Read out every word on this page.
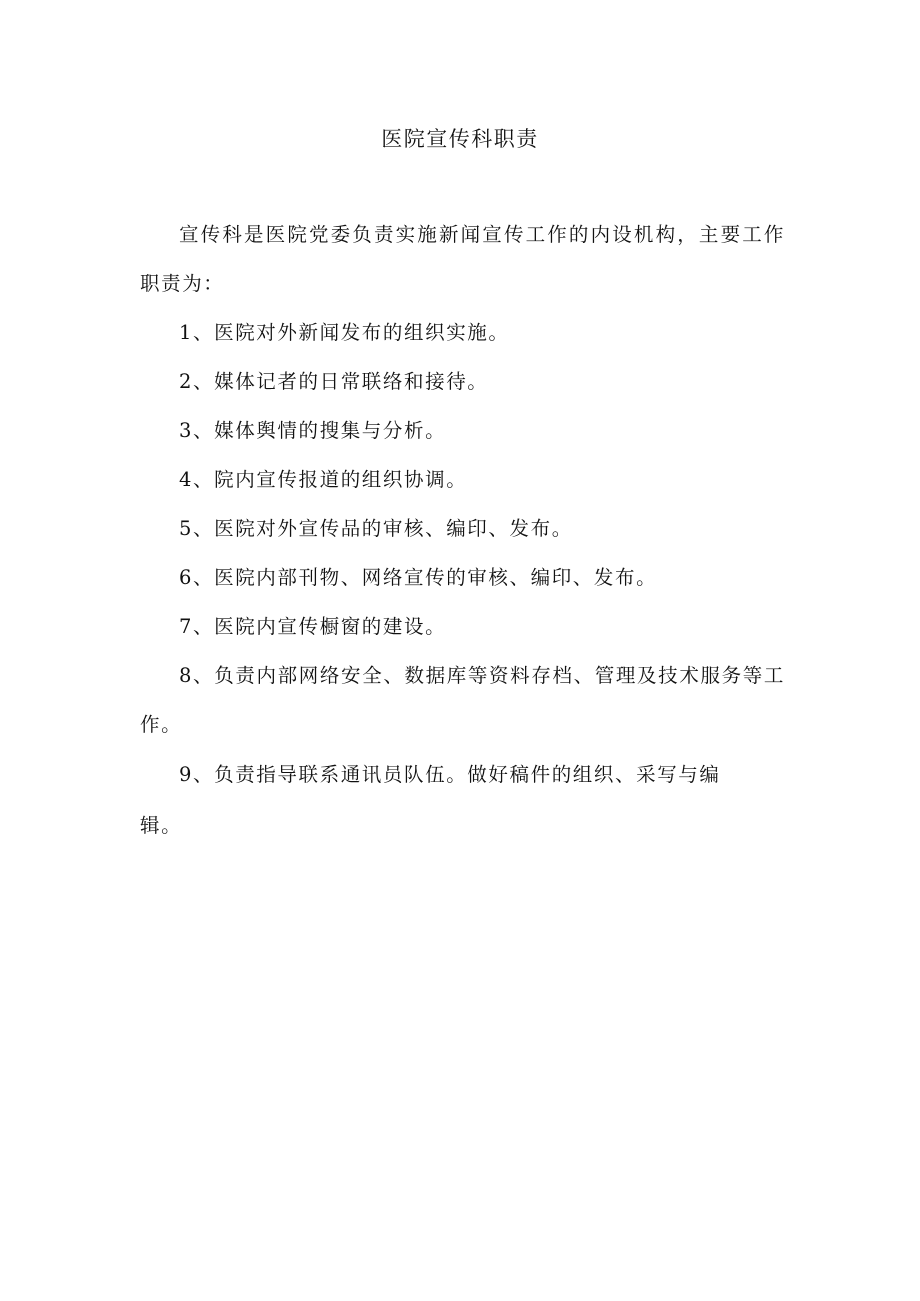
医院宣传科职责

宣传科是医院党委负责实施新闻宣传工作的内设机构，主要工作职责为：

1、医院对外新闻发布的组织实施。

2、媒体记者的日常联络和接待。

3、媒体舆情的搜集与分析。

4、院内宣传报道的组织协调。

5、医院对外宣传品的审核、编印、发布。

6、医院内部刊物、网络宣传的审核、编印、发布。

7、医院内宣传橱窗的建设。

8、负责内部网络安全、数据库等资料存档、管理及技术服务等工作。

9、负责指导联系通讯员队伍。做好稿件的组织、采写与编辑。
